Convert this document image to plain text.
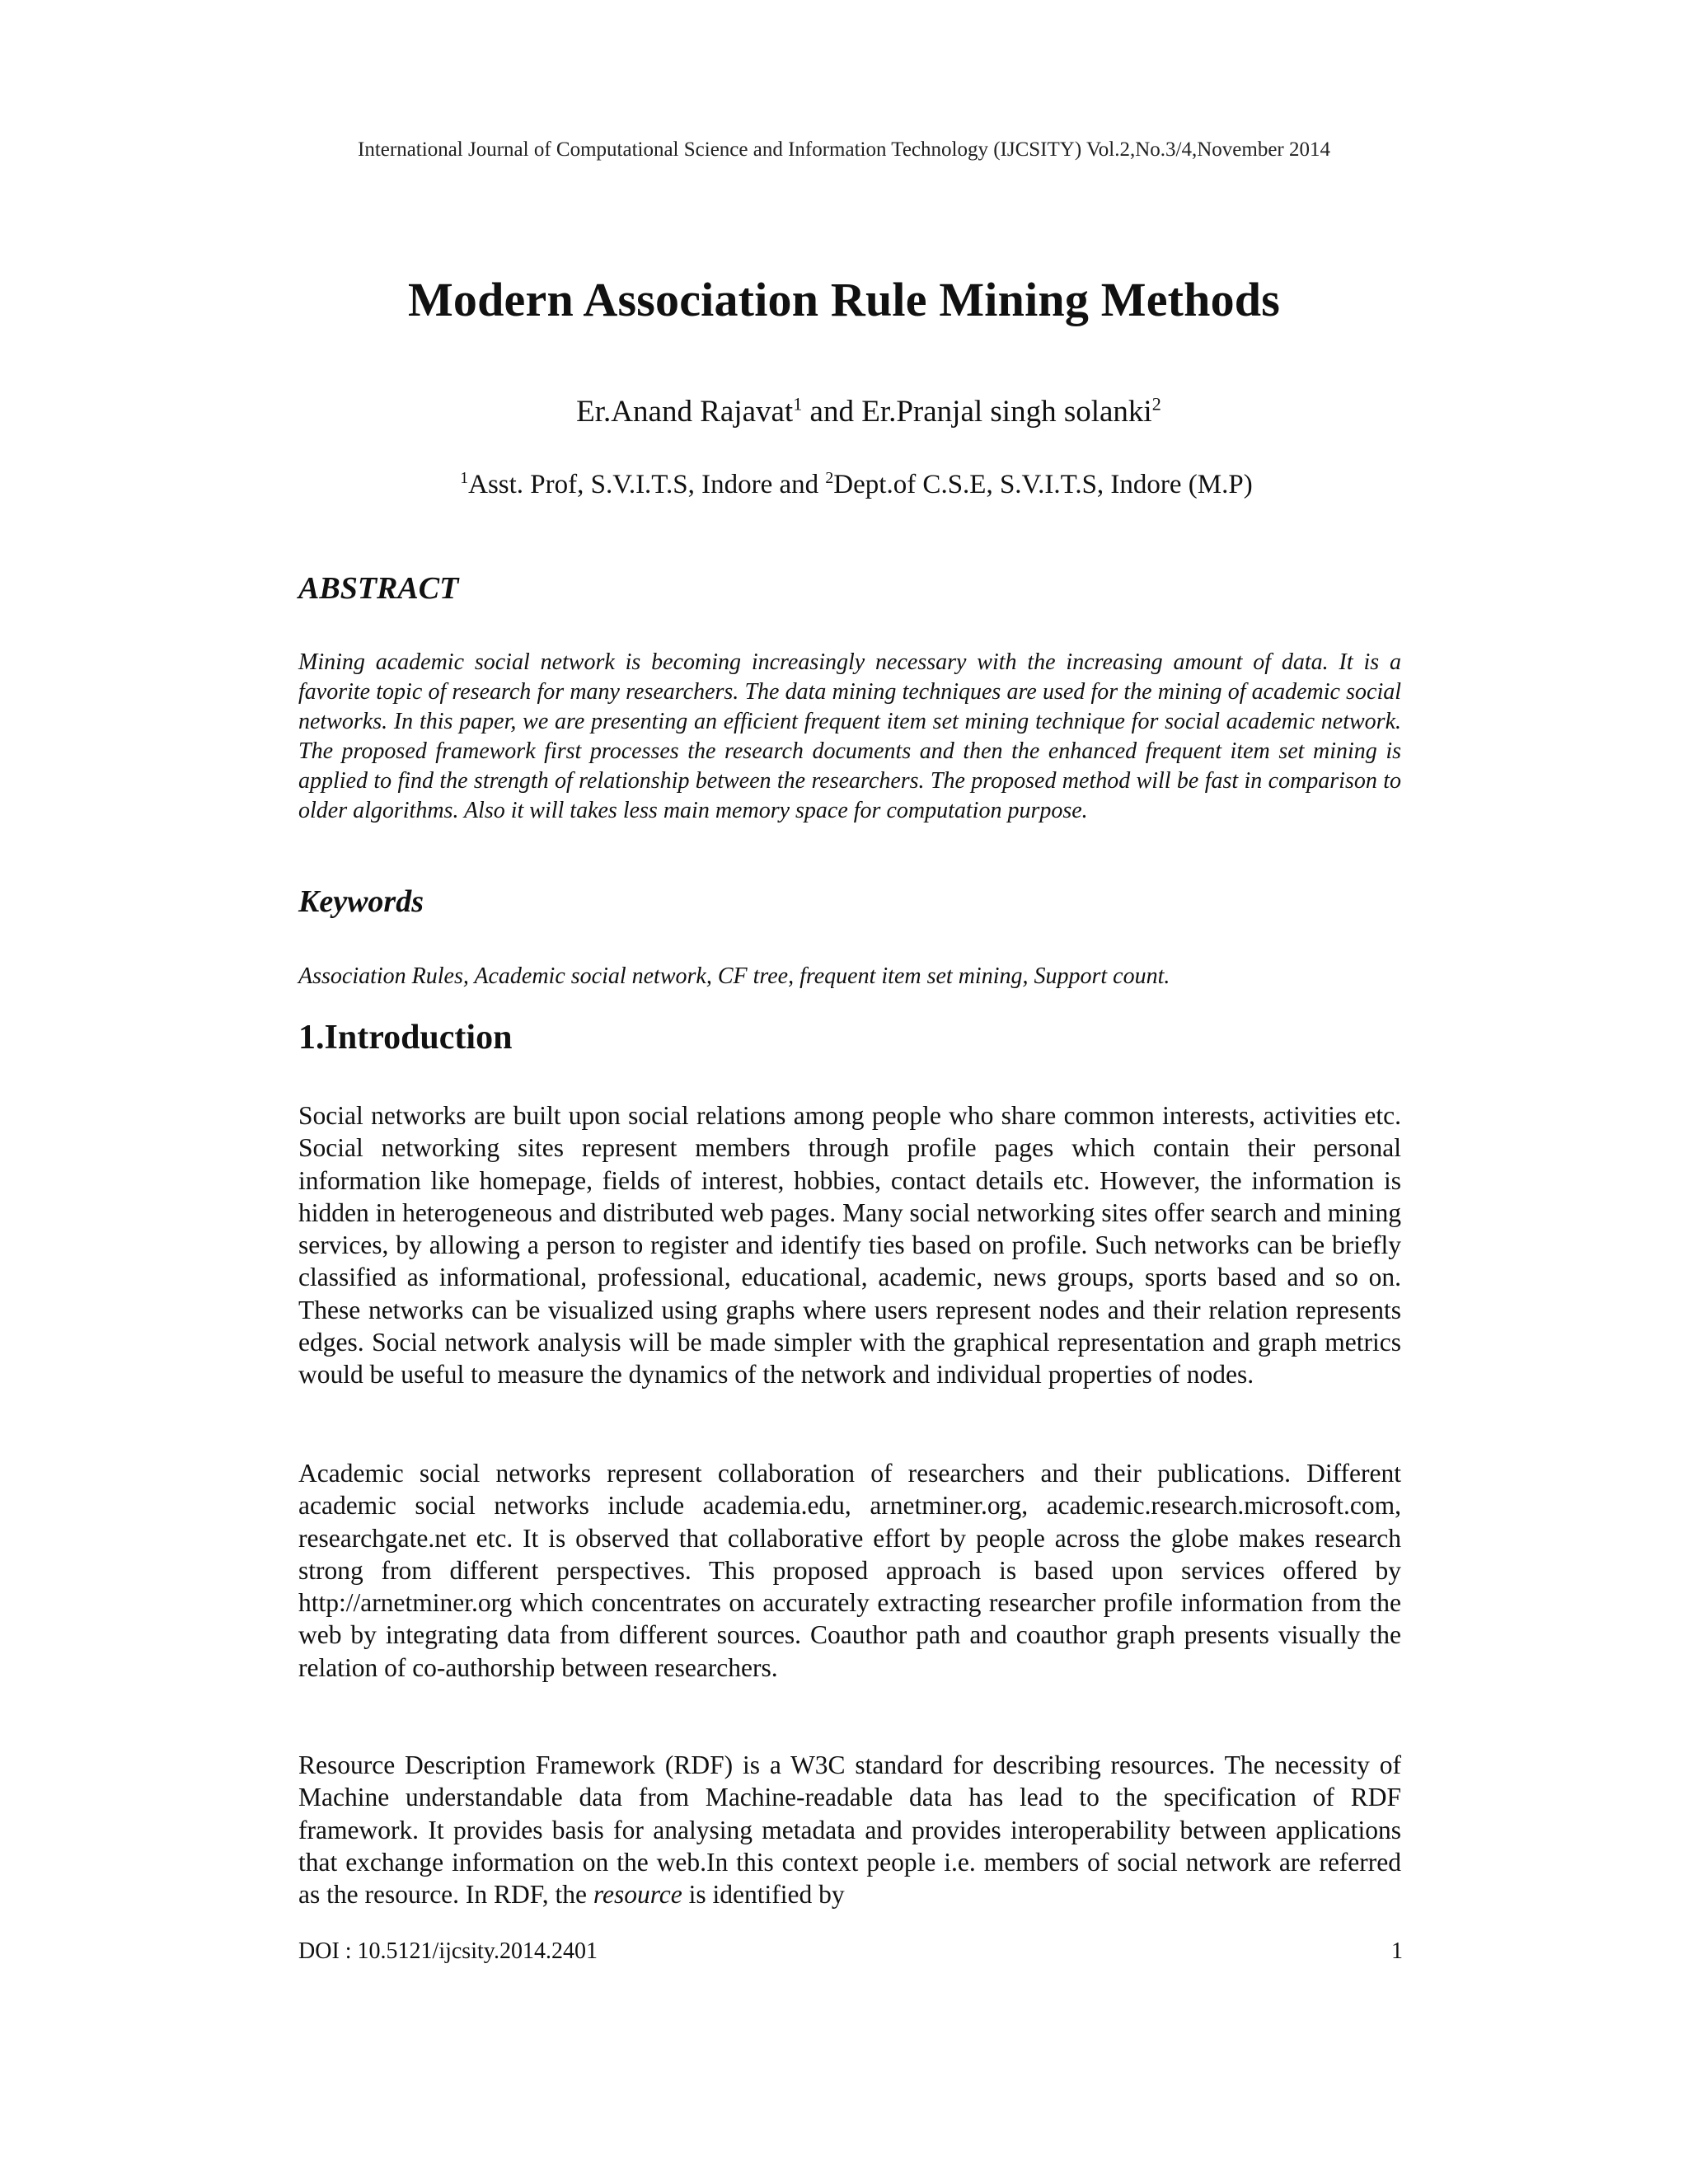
International Journal of Computational Science and Information Technology (IJCSITY) Vol.2,No.3/4,November 2014
Modern Association Rule Mining Methods
Er.Anand Rajavat$^1$ and Er.Pranjal singh solanki$^2$
$^1$Asst. Prof, S.V.I.T.S, Indore and $^2$Dept.of C.S.E, S.V.I.T.S, Indore (M.P)
ABSTRACT
Mining academic social network is becoming increasingly necessary with the increasing amount of data. It is a favorite topic of research for many researchers. The data mining techniques are used for the mining of academic social networks. In this paper, we are presenting an efficient frequent item set mining technique for social academic network. The proposed framework first processes the research documents and then the enhanced frequent item set mining is applied to find the strength of relationship between the researchers. The proposed method will be fast in comparison to older algorithms. Also it will takes less main memory space for computation purpose.
Keywords
Association Rules, Academic social network, CF tree, frequent item set mining, Support count.
1.Introduction
Social networks are built upon social relations among people who share common interests, activities etc. Social networking sites represent members through profile pages which contain their personal information like homepage, fields of interest, hobbies, contact details etc. However, the information is hidden in heterogeneous and distributed web pages. Many social networking sites offer search and mining services, by allowing a person to register and identify ties based on profile. Such networks can be briefly classified as informational, professional, educational, academic, news groups, sports based and so on. These networks can be visualized using graphs where users represent nodes and their relation represents edges. Social network analysis will be made simpler with the graphical representation and graph metrics would be useful to measure the dynamics of the network and individual properties of nodes.
Academic social networks represent collaboration of researchers and their publications. Different academic social networks include academia.edu, arnetminer.org, academic.research.microsoft.com, researchgate.net etc. It is observed that collaborative effort by people across the globe makes research strong from different perspectives. This proposed approach is based upon services offered by http://arnetminer.org which concentrates on accurately extracting researcher profile information from the web by integrating data from different sources. Coauthor path and coauthor graph presents visually the relation of co-authorship between researchers.
Resource Description Framework (RDF) is a W3C standard for describing resources. The necessity of Machine understandable data from Machine-readable data has lead to the specification of RDF framework. It provides basis for analysing metadata and provides interoperability between applications that exchange information on the web.In this context people i.e. members of social network are referred as the resource. In RDF, the resource is identified by
DOI : 10.5121/ijcsity.2014.2401	1
